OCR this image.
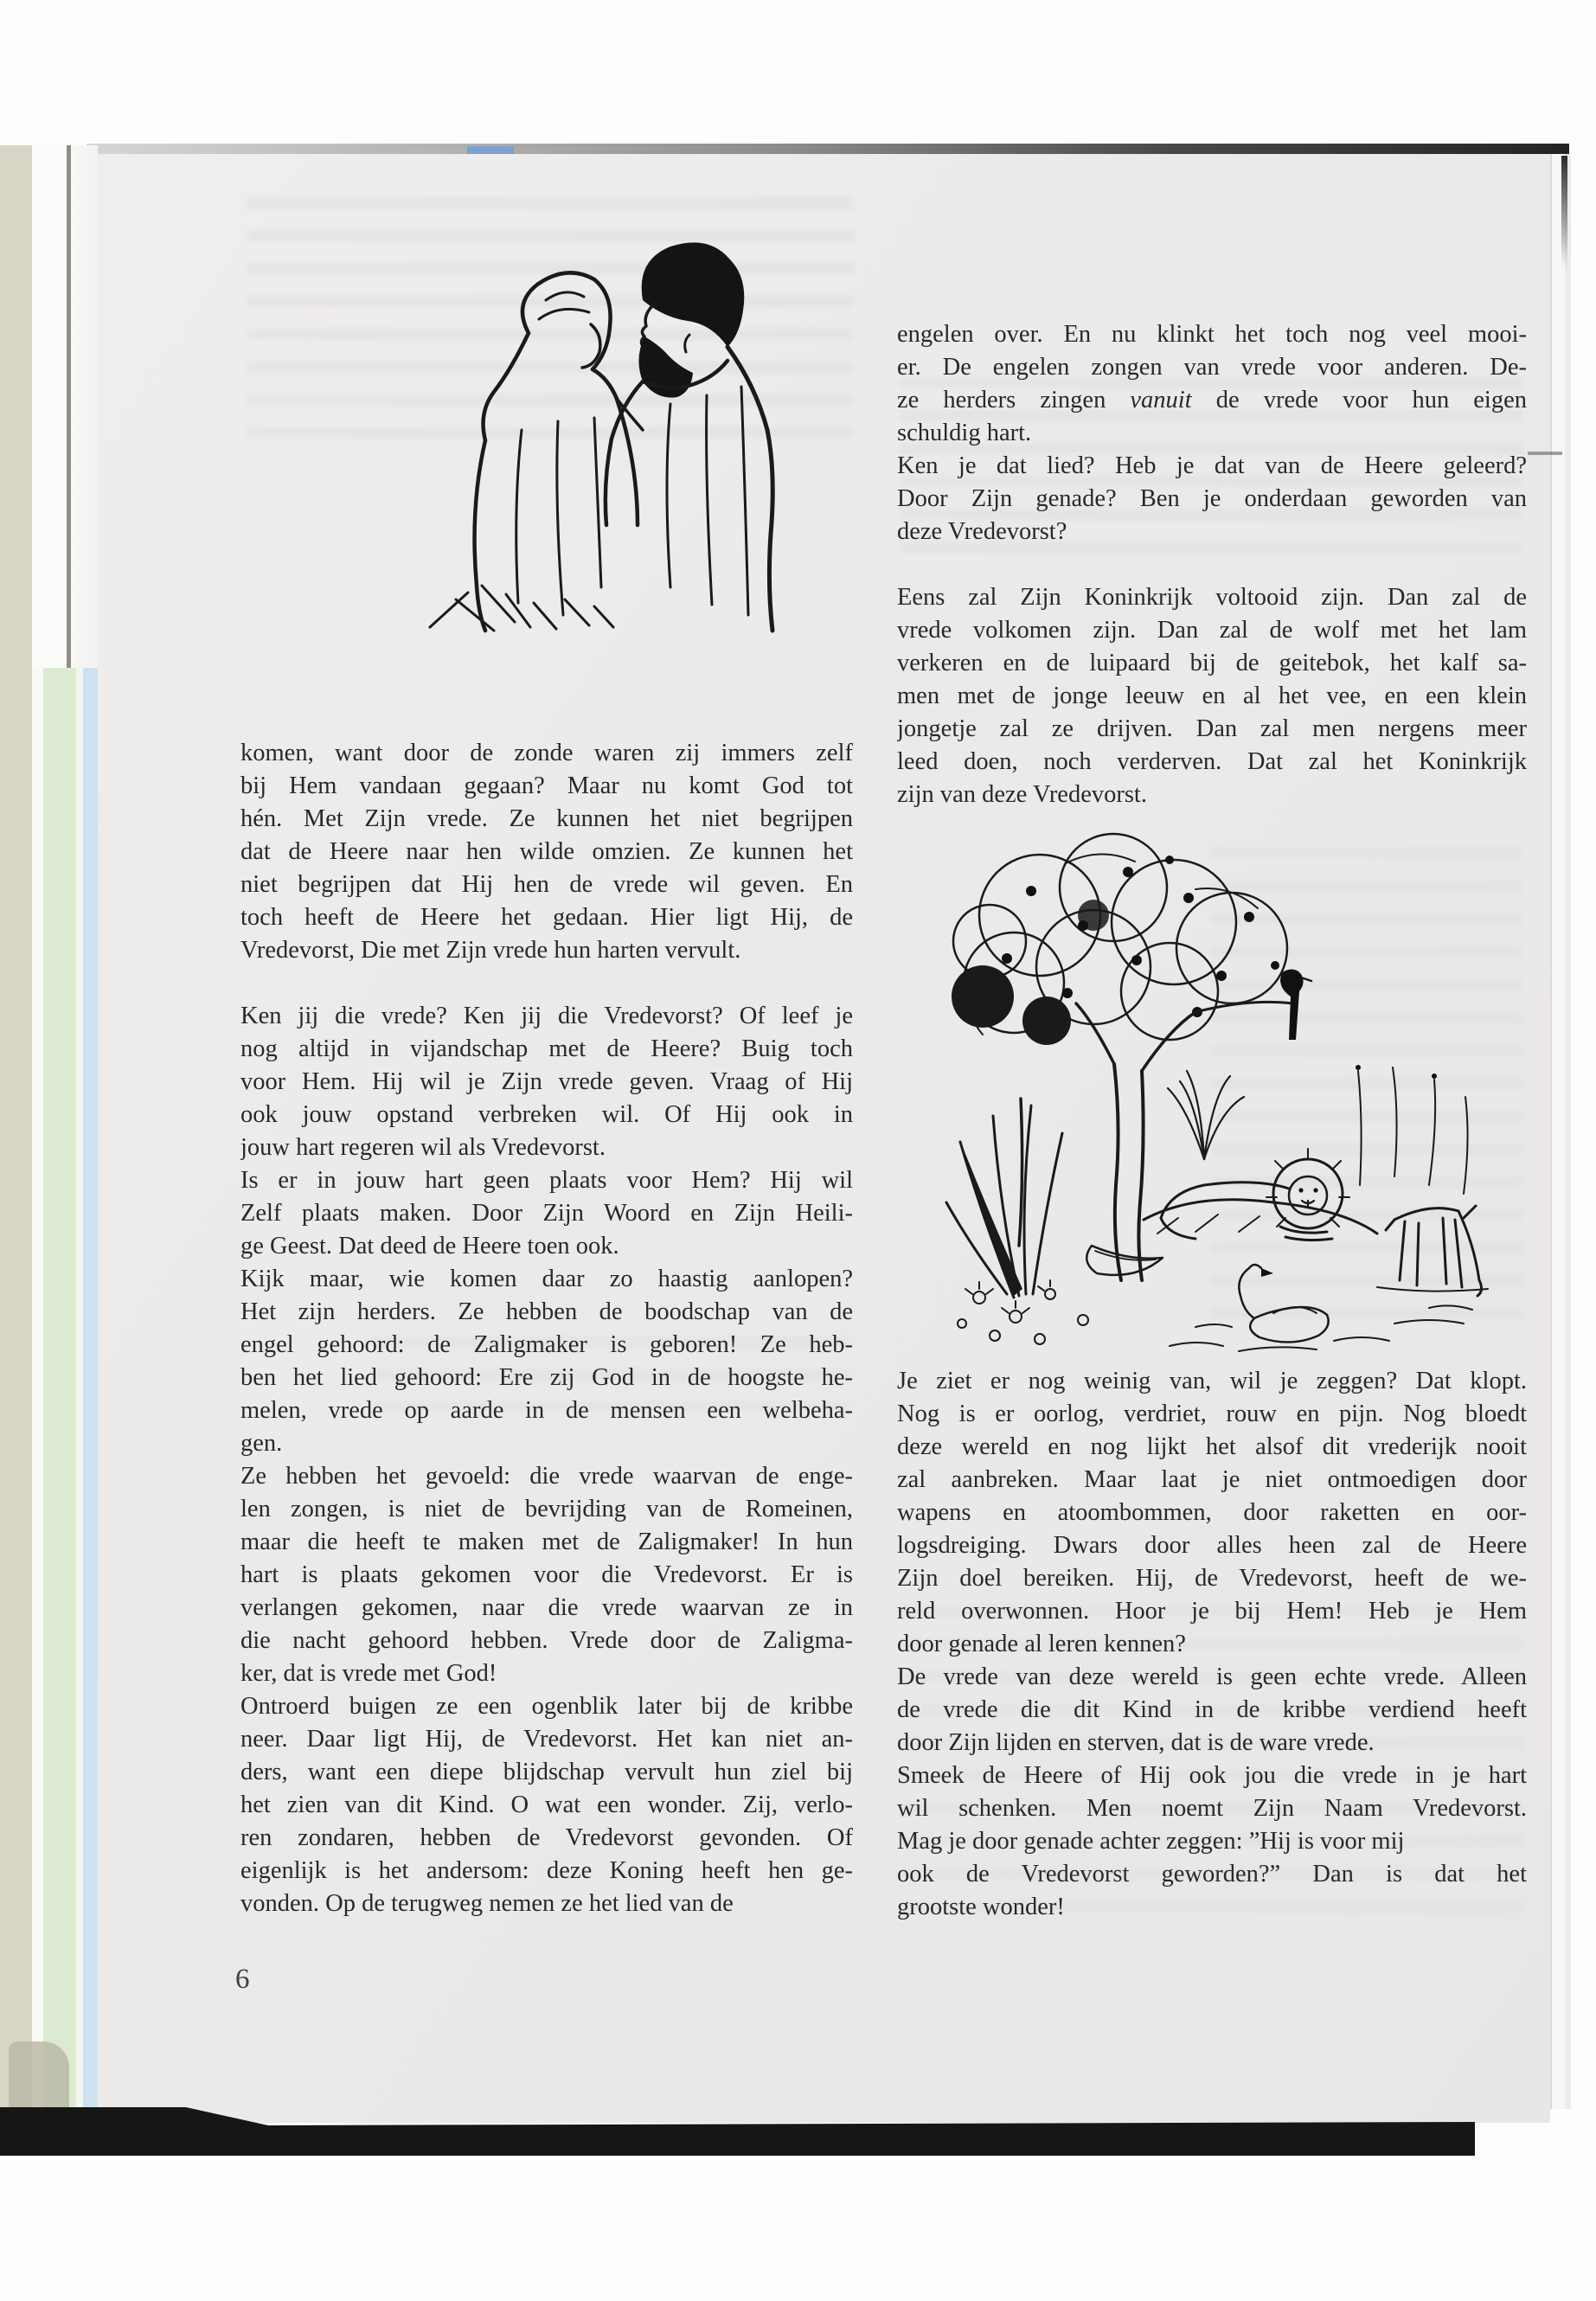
komen, want door de zonde waren zij immers zelf
bij Hem vandaan gegaan? Maar nu komt God tot
hén. Met Zijn vrede. Ze kunnen het niet begrijpen
dat de Heere naar hen wilde omzien. Ze kunnen het
niet begrijpen dat Hij hen de vrede wil geven. En
toch heeft de Heere het gedaan. Hier ligt Hij, de
Vredevorst, Die met Zijn vrede hun harten vervult.
Ken jij die vrede? Ken jij die Vredevorst? Of leef je
nog altijd in vijandschap met de Heere? Buig toch
voor Hem. Hij wil je Zijn vrede geven. Vraag of Hij
ook jouw opstand verbreken wil. Of Hij ook in
jouw hart regeren wil als Vredevorst.
Is er in jouw hart geen plaats voor Hem? Hij wil
Zelf plaats maken. Door Zijn Woord en Zijn Heili-
ge Geest. Dat deed de Heere toen ook.
Kijk maar, wie komen daar zo haastig aanlopen?
Het zijn herders. Ze hebben de boodschap van de
engel gehoord: de Zaligmaker is geboren! Ze heb-
ben het lied gehoord: Ere zij God in de hoogste he-
melen, vrede op aarde in de mensen een welbeha-
gen.
Ze hebben het gevoeld: die vrede waarvan de enge-
len zongen, is niet de bevrijding van de Romeinen,
maar die heeft te maken met de Zaligmaker! In hun
hart is plaats gekomen voor die Vredevorst. Er is
verlangen gekomen, naar die vrede waarvan ze in
die nacht gehoord hebben. Vrede door de Zaligma-
ker, dat is vrede met God!
Ontroerd buigen ze een ogenblik later bij de kribbe
neer. Daar ligt Hij, de Vredevorst. Het kan niet an-
ders, want een diepe blijdschap vervult hun ziel bij
het zien van dit Kind. O wat een wonder. Zij, verlo-
ren zondaren, hebben de Vredevorst gevonden. Of
eigenlijk is het andersom: deze Koning heeft hen ge-
vonden. Op de terugweg nemen ze het lied van de
engelen over. En nu klinkt het toch nog veel mooi-
er. De engelen zongen van vrede voor anderen. De-
ze herders zingen vanuit de vrede voor hun eigen
schuldig hart.
Ken je dat lied? Heb je dat van de Heere geleerd?
Door Zijn genade? Ben je onderdaan geworden van
deze Vredevorst?
Eens zal Zijn Koninkrijk voltooid zijn. Dan zal de
vrede volkomen zijn. Dan zal de wolf met het lam
verkeren en de luipaard bij de geitebok, het kalf sa-
men met de jonge leeuw en al het vee, en een klein
jongetje zal ze drijven. Dan zal men nergens meer
leed doen, noch verderven. Dat zal het Koninkrijk
zijn van deze Vredevorst.
Je ziet er nog weinig van, wil je zeggen? Dat klopt.
Nog is er oorlog, verdriet, rouw en pijn. Nog bloedt
deze wereld en nog lijkt het alsof dit vrederijk nooit
zal aanbreken. Maar laat je niet ontmoedigen door
wapens en atoombommen, door raketten en oor-
logsdreiging. Dwars door alles heen zal de Heere
Zijn doel bereiken. Hij, de Vredevorst, heeft de we-
reld overwonnen. Hoor je bij Hem! Heb je Hem
door genade al leren kennen?
De vrede van deze wereld is geen echte vrede. Alleen
de vrede die dit Kind in de kribbe verdiend heeft
door Zijn lijden en sterven, dat is de ware vrede.
Smeek de Heere of Hij ook jou die vrede in je hart
wil schenken. Men noemt Zijn Naam Vredevorst.
Mag je door genade achter zeggen: ”Hij is voor mij
ook de Vredevorst geworden?” Dan is dat het
grootste wonder!
6
